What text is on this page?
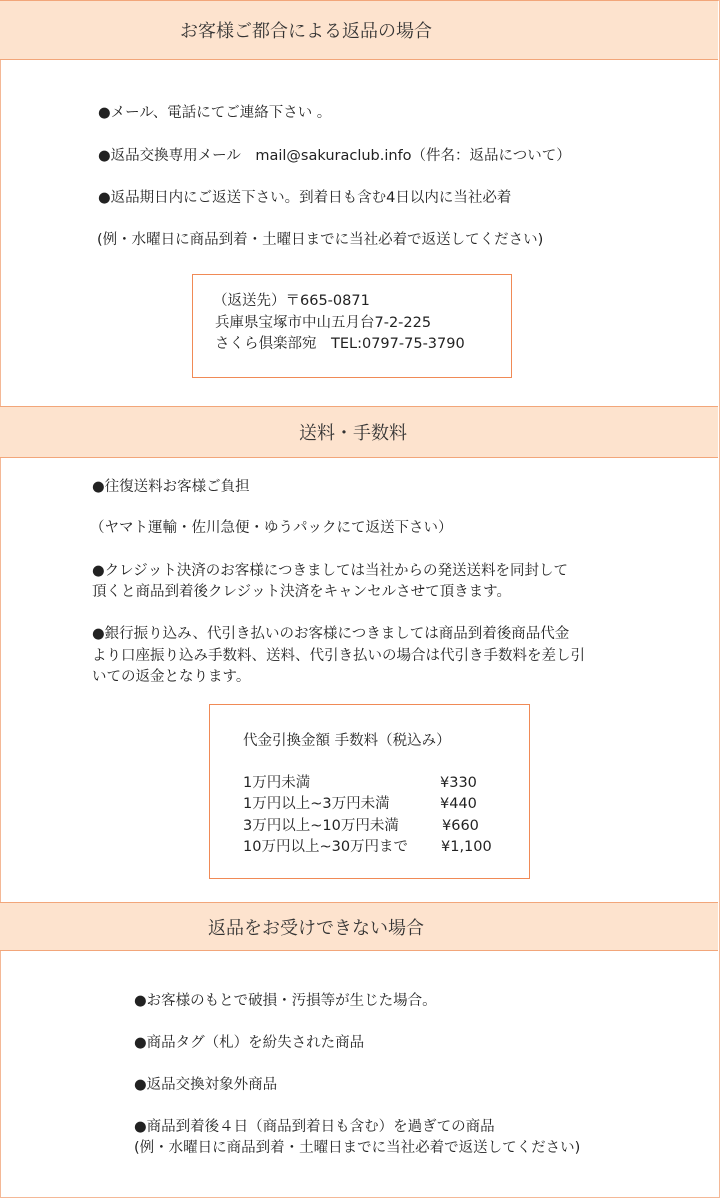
お客様ご都合による返品の場合
●メール、電話にてご連絡下さい 。
●返品交換専用メール　mail@sakuraclub.info（件名：返品について）
●返品期日内にご返送下さい。到着日も含む4日以内に当社必着
(例・水曜日に商品到着・土曜日までに当社必着で返送してください)
（返送先）〒665-0871
兵庫県宝塚市中山五月台7-2-225
さくら倶楽部宛　TEL:0797-75-3790
送料・手数料
●往復送料お客様ご負担
（ヤマト運輸・佐川急便・ゆうパックにて返送下さい）
●クレジット決済のお客様につきましては当社からの発送送料を同封して
頂くと商品到着後クレジット決済をキャンセルさせて頂きます。
●銀行振り込み、代引き払いのお客様につきましては商品到着後商品代金
より口座振り込み手数料、送料、代引き払いの場合は代引き手数料を差し引
いての返金となります。
代金引換金額 手数料（税込み）
1万円未満	¥330
1万円以上~3万円未満	¥440
3万円以上~10万円未満	¥660
10万円以上~30万円まで ¥1,100
返品をお受けできない場合
●お客様のもとで破損・汚損等が生じた場合。
●商品タグ（札）を紛失された商品
●返品交換対象外商品
●商品到着後４日（商品到着日も含む）を過ぎての商品
(例・水曜日に商品到着・土曜日までに当社必着で返送してください)
